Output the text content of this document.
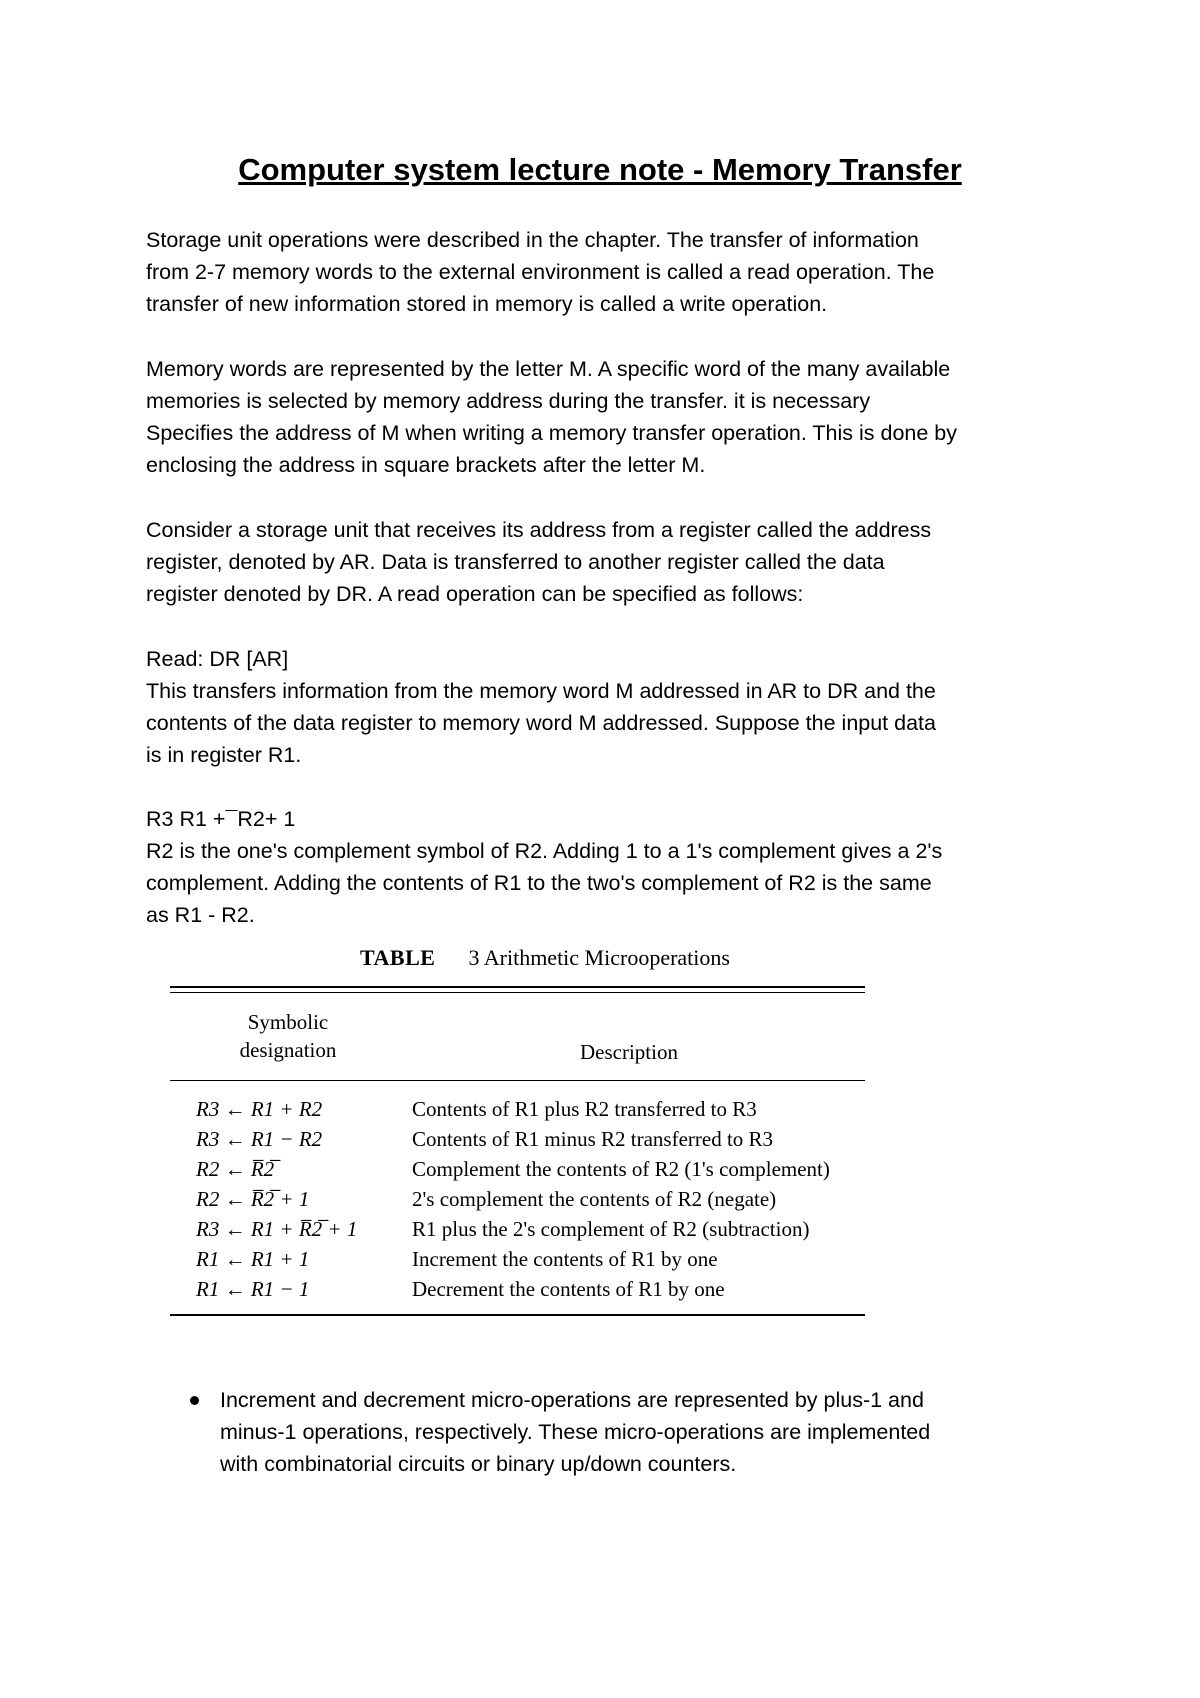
Computer system lecture note - Memory Transfer

Storage unit operations were described in the chapter. The transfer of information
from 2-7 memory words to the external environment is called a read operation. The
transfer of new information stored in memory is called a write operation.

Memory words are represented by the letter M. A specific word of the many available
memories is selected by memory address during the transfer. it is necessary
Specifies the address of M when writing a memory transfer operation. This is done by
enclosing the address in square brackets after the letter M.

Consider a storage unit that receives its address from a register called the address
register, denoted by AR. Data is transferred to another register called the data
register denoted by DR. A read operation can be specified as follows:

Read: DR [AR]
This transfers information from the memory word M addressed in AR to DR and the
contents of the data register to memory word M addressed. Suppose the input data
is in register R1.

R3 R1 +¯R2+ 1
R2 is the one's complement symbol of R2. Adding 1 to a 1's complement gives a 2's
complement. Adding the contents of R1 to the two's complement of R2 is the same
as R1 - R2.

TABLE 3 Arithmetic Microoperations
Symbolic
designation	Description
R3 ← R1 + R2	Contents of R1 plus R2 transferred to R3
R3 ← R1 − R2	Contents of R1 minus R2 transferred to R3
R2 ← R̅2̅	Complement the contents of R2 (1's complement)
R2 ← R̅2̅ + 1	2's complement the contents of R2 (negate)
R3 ← R1 + R̅2̅ + 1	R1 plus the 2's complement of R2 (subtraction)
R1 ← R1 + 1	Increment the contents of R1 by one
R1 ← R1 − 1	Decrement the contents of R1 by one
Increment and decrement micro-operations are represented by plus-1 and
minus-1 operations, respectively. These micro-operations are implemented
with combinatorial circuits or binary up/down counters.
